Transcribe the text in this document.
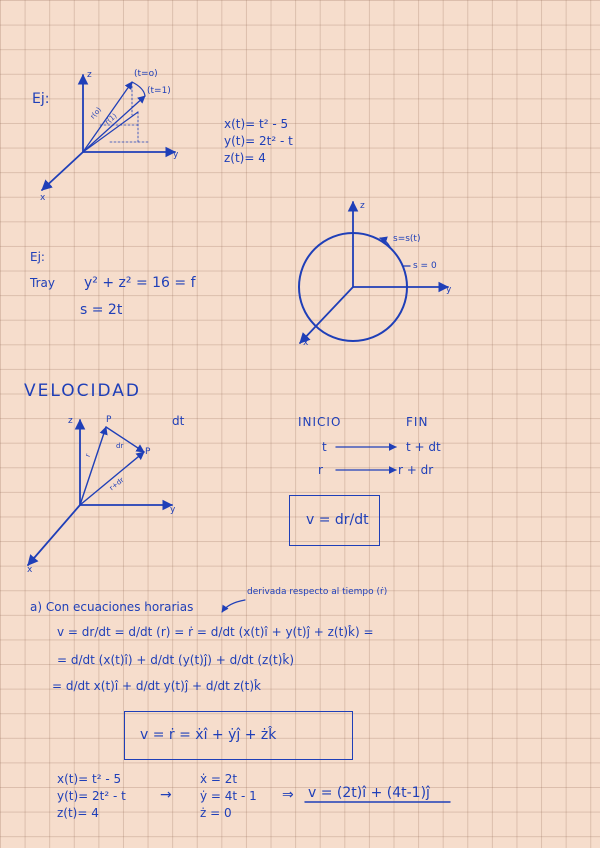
Ej:
z
y
x
(t=o)
(t=1)
r(o) r(1)	x(t)= t² - 5
y(t)= 2t² - t
z(t)= 4
Ej:
Tray y² + z² = 16 = f
s = 2t
z
y
x
s=s(t)
s = 0
VELOCIDAD
z
y
x
P
P
r
dr
r+dr
dt	INICIO	FIN
t	t + dt
r	r + dr
v = dr/dt
a) Con ecuaciones horarias
derivada respecto al tiempo (ṙ)
v = dr/dt = d/dt (r) = ṙ = d/dt (x(t)î + y(t)ĵ + z(t)k̂) =
= d/dt (x(t)î) + d/dt (y(t)ĵ) + d/dt (z(t)k̂)
= d/dt x(t)î + d/dt y(t)ĵ + d/dt z(t)k̂
v = ṙ = ẋî + ẏĵ + żk̂
x(t)= t² - 5
y(t)= 2t² - t
z(t)= 4
→
ẋ = 2t
ẏ = 4t - 1
ż = 0
⇒ v = (2t)î + (4t-1)ĵ
